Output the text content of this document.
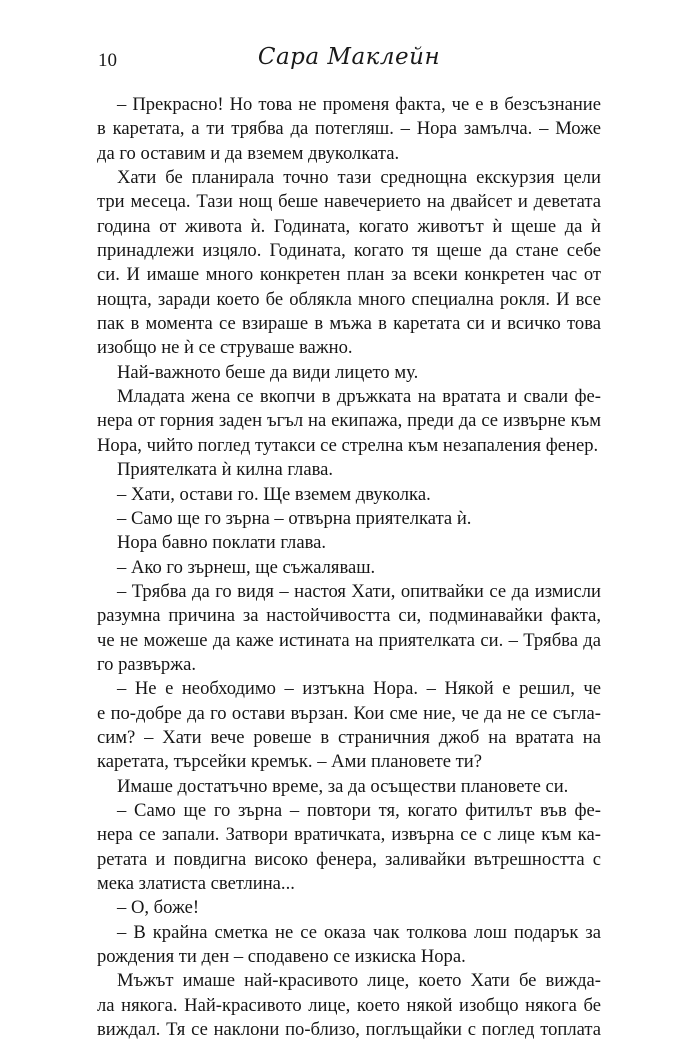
10	Сара Маклейн
– Прекрасно! Но това не променя факта, че е в безсъзнание
в каретата, а ти трябва да потегляш. – Нора замълча. – Може
да го оставим и да вземем двуколката.
Хати бе планирала точно тази среднощна екскурзия цели
три месеца. Тази нощ беше навечерието на двайсет и деветата
година от живота ѝ. Годината, когато животът ѝ щеше да ѝ
принадлежи изцяло. Годината, когато тя щеше да стане себе
си. И имаше много конкретен план за всеки конкретен час от
нощта, заради което бе облякла много специална рокля. И все
пак в момента се взираше в мъжа в каретата си и всичко това
изобщо не ѝ се струваше важно.
Най-важното беше да види лицето му.
Младата жена се вкопчи в дръжката на вратата и свали фе-
нера от горния заден ъгъл на екипажа, преди да се извърне към
Нора, чийто поглед тутакси се стрелна към незапаления фенер.
Приятелката ѝ килна глава.
– Хати, остави го. Ще вземем двуколка.
– Само ще го зърна – отвърна приятелката ѝ.
Нора бавно поклати глава.
– Ако го зърнеш, ще съжаляваш.
– Трябва да го видя – настоя Хати, опитвайки се да измисли
разумна причина за настойчивостта си, подминавайки факта,
че не можеше да каже истината на приятелката си. – Трябва да
го развържа.
– Не е необходимо – изтъкна Нора. – Някой е решил, че
е по-добре да го остави вързан. Кои сме ние, че да не се съгла-
сим? – Хати вече ровеше в страничния джоб на вратата на
каретата, търсейки кремък. – Ами плановете ти?
Имаше достатъчно време, за да осъществи плановете си.
– Само ще го зърна – повтори тя, когато фитилът във фе-
нера се запали. Затвори вратичката, извърна се с лице към ка-
ретата и повдигна високо фенера, заливайки вътрешността с
мека златиста светлина...
– О, боже!
– В крайна сметка не се оказа чак толкова лош подарък за
рождения ти ден – сподавено се изкиска Нора.
Мъжът имаше най-красивото лице, което Хати бе виждa-
ла някога. Най-красивото лице, което някой изобщо някога бе
виждал. Тя се наклони по-близо, поглъщайки с поглед топлата
